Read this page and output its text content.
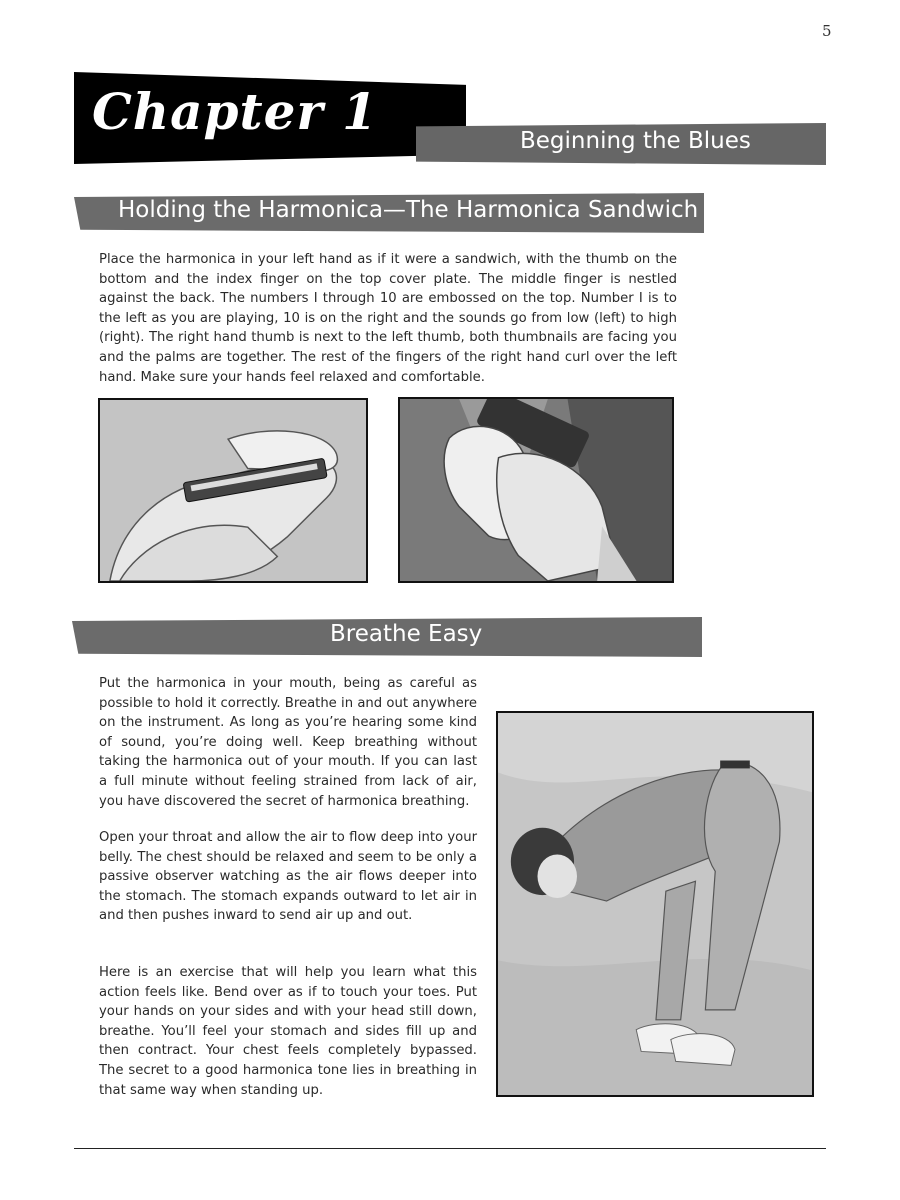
5
Chapter 1	Beginning the Blues
Holding the Harmonica—The Harmonica Sandwich

Place the harmonica in your left hand as if it were a sandwich, with the thumb on the bottom and the index finger on the top cover plate. The middle finger is nestled against the back. The numbers I through 10 are embossed on the top. Number I is to the left as you are playing, 10 is on the right and the sounds go from low (left) to high (right). The right hand thumb is next to the left thumb, both thumbnails are facing you and the palms are together. The rest of the fingers of the right hand curl over the left hand. Make sure your hands feel relaxed and comfortable.

Breathe Easy

Put the harmonica in your mouth, being as careful as possible to hold it correctly. Breathe in and out anywhere on the instrument. As long as you’re hearing some kind of sound, you’re doing well. Keep breathing without taking the harmonica out of your mouth. If you can last a full minute without feeling strained from lack of air, you have discovered the secret of harmonica breathing.

Open your throat and allow the air to flow deep into your belly. The chest should be relaxed and seem to be only a passive observer watching as the air flows deeper into the stomach. The stomach expands outward to let air in and then pushes inward to send air up and out.

Here is an exercise that will help you learn what this action feels like. Bend over as if to touch your toes. Put your hands on your sides and with your head still down, breathe. You’ll feel your stomach and sides fill up and then contract. Your chest feels completely bypassed. The secret to a good harmonica tone lies in breathing in that same way when standing up.
